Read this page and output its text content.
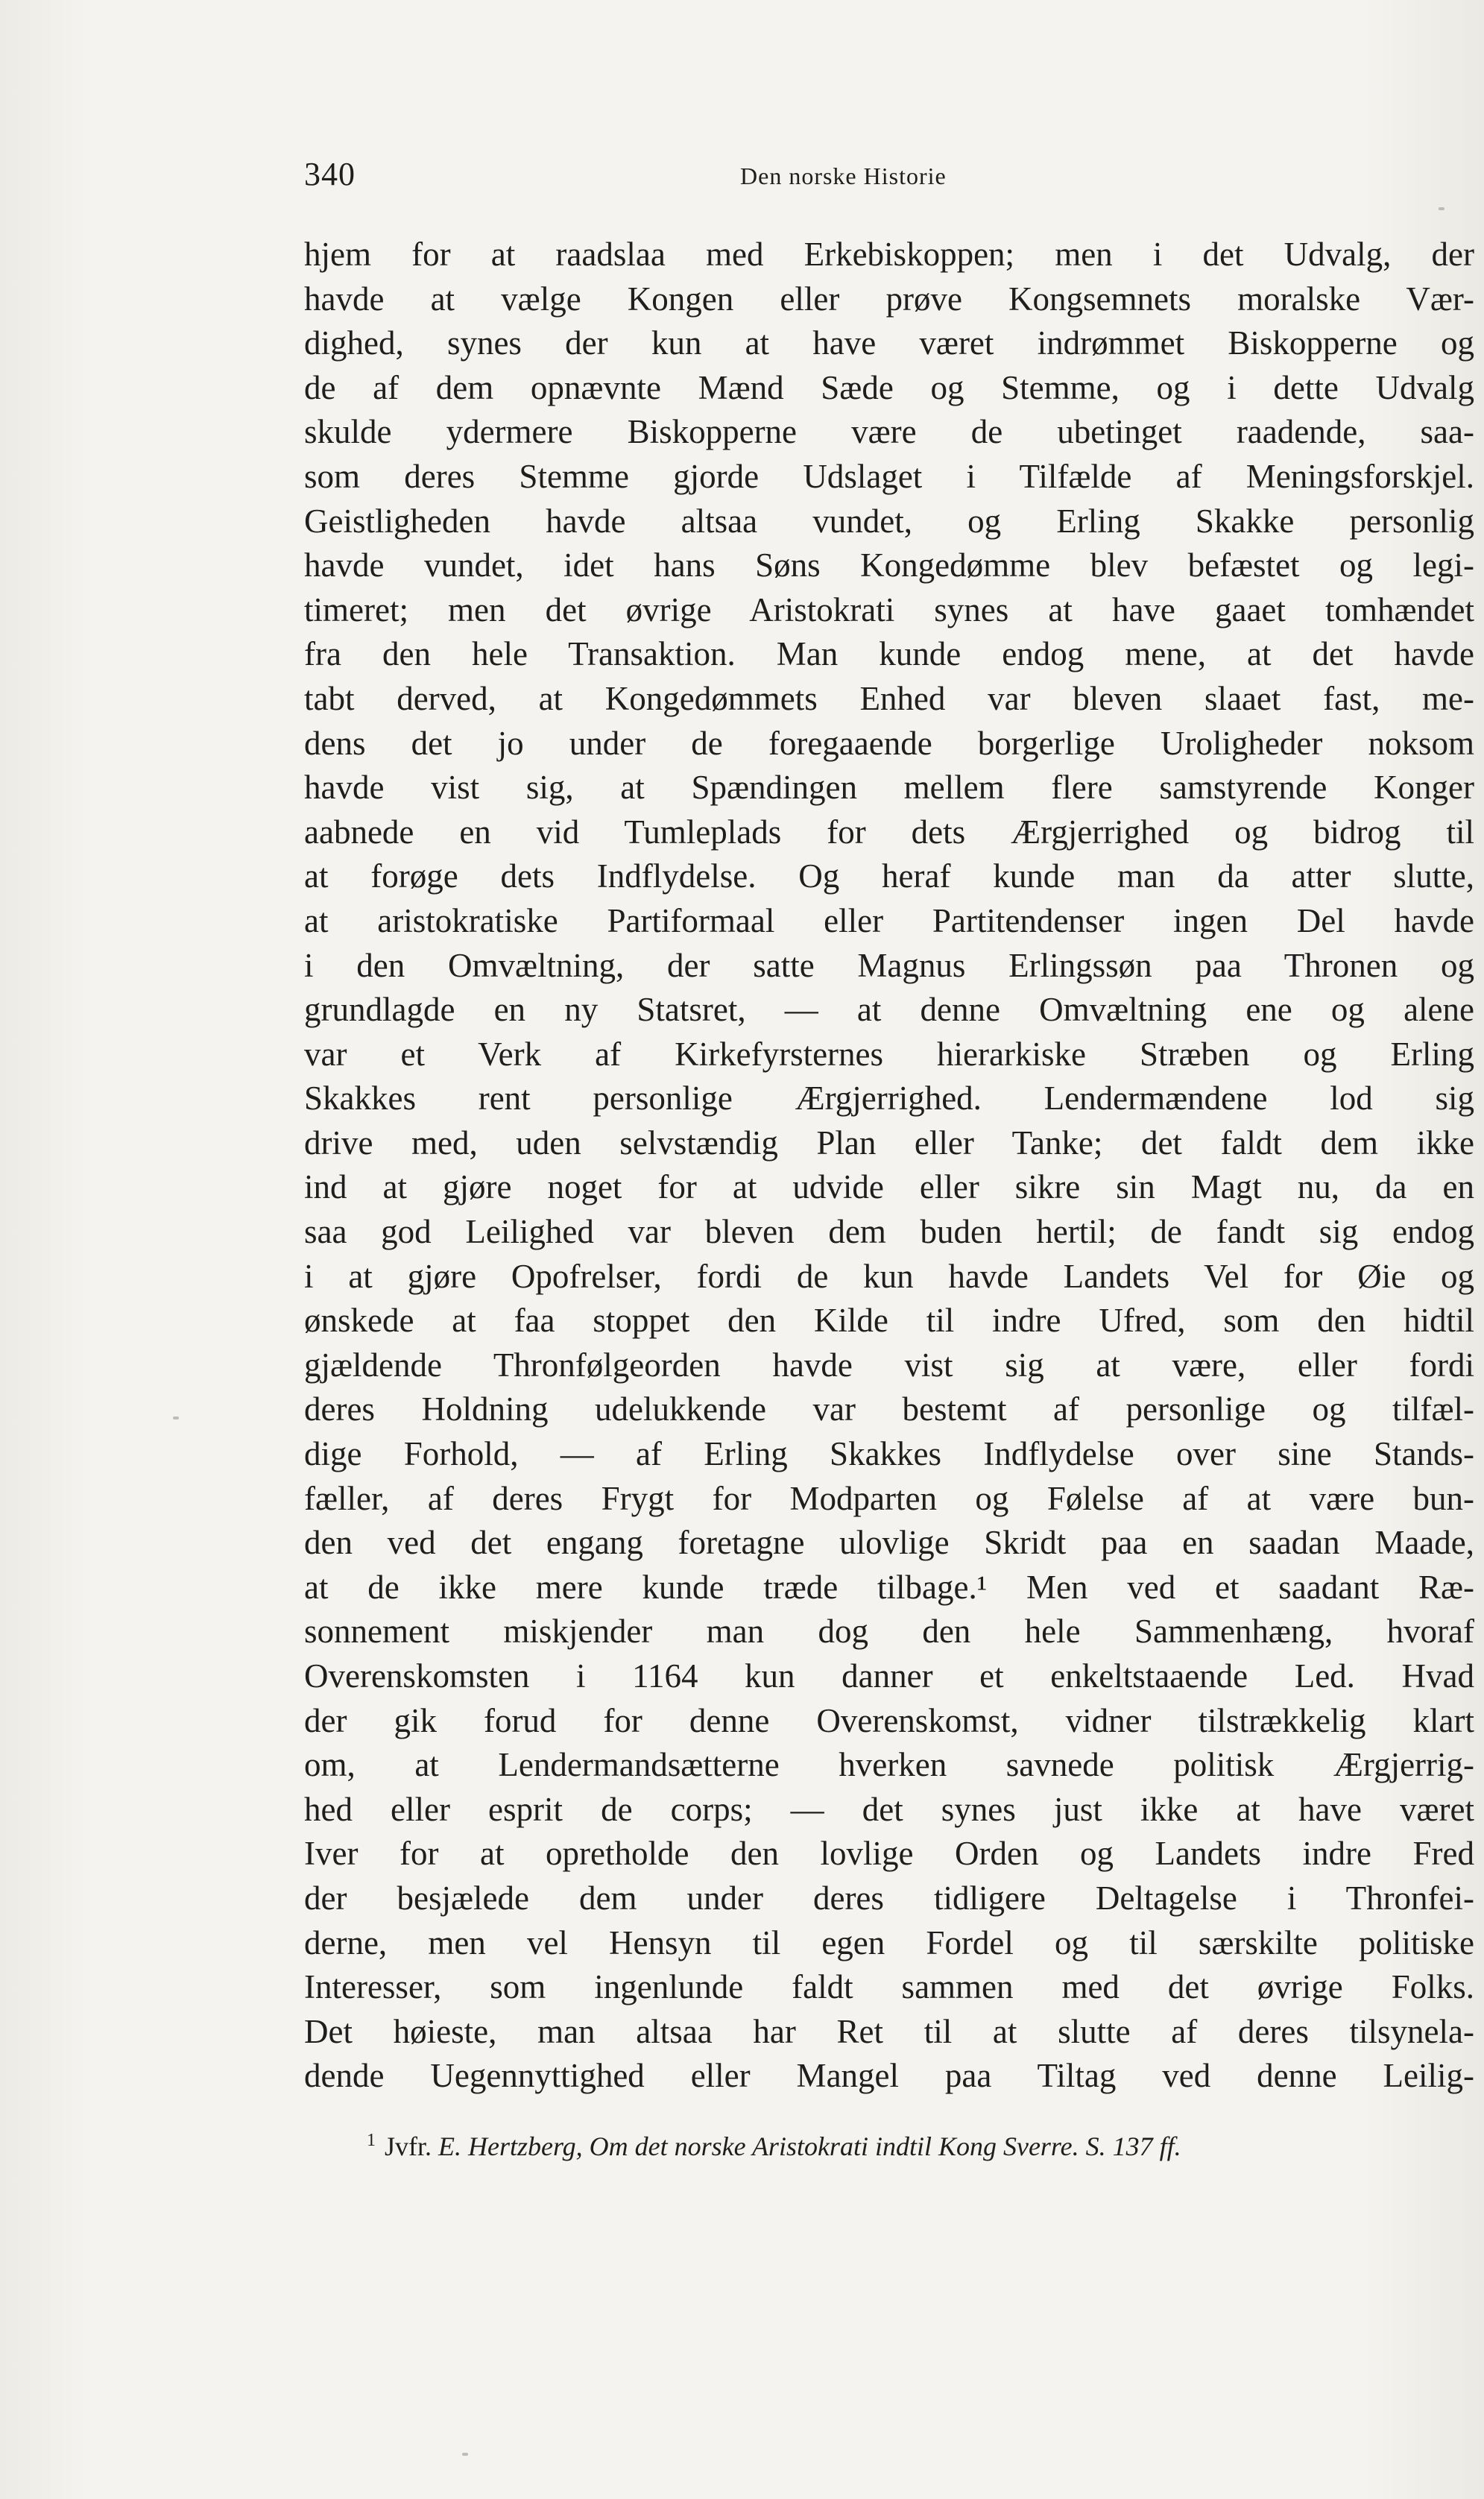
340	Den norske Historie
hjem for at raadslaa med Erkebiskoppen; men i det Udvalg, der
havde at vælge Kongen eller prøve Kongsemnets moralske Vær-
dighed, synes der kun at have været indrømmet Biskopperne og
de af dem opnævnte Mænd Sæde og Stemme, og i dette Udvalg
skulde ydermere Biskopperne være de ubetinget raadende, saa-
som deres Stemme gjorde Udslaget i Tilfælde af Meningsforskjel.
Geistligheden havde altsaa vundet, og Erling Skakke personlig
havde vundet, idet hans Søns Kongedømme blev befæstet og legi-
timeret; men det øvrige Aristokrati synes at have gaaet tomhændet
fra den hele Transaktion. Man kunde endog mene, at det havde
tabt derved, at Kongedømmets Enhed var bleven slaaet fast, me-
dens det jo under de foregaaende borgerlige Uroligheder noksom
havde vist sig, at Spændingen mellem flere samstyrende Konger
aabnede en vid Tumleplads for dets Ærgjerrighed og bidrog til
at forøge dets Indflydelse. Og heraf kunde man da atter slutte,
at aristokratiske Partiformaal eller Partitendenser ingen Del havde
i den Omvæltning, der satte Magnus Erlingssøn paa Thronen og
grundlagde en ny Statsret, — at denne Omvæltning ene og alene
var et Verk af Kirkefyrsternes hierarkiske Stræben og Erling
Skakkes rent personlige Ærgjerrighed. Lendermændene lod sig
drive med, uden selvstændig Plan eller Tanke; det faldt dem ikke
ind at gjøre noget for at udvide eller sikre sin Magt nu, da en
saa god Leilighed var bleven dem buden hertil; de fandt sig endog
i at gjøre Opofrelser, fordi de kun havde Landets Vel for Øie og
ønskede at faa stoppet den Kilde til indre Ufred, som den hidtil
gjældende Thronfølgeorden havde vist sig at være, eller fordi
deres Holdning udelukkende var bestemt af personlige og tilfæl-
dige Forhold, — af Erling Skakkes Indflydelse over sine Stands-
fæller, af deres Frygt for Modparten og Følelse af at være bun-
den ved det engang foretagne ulovlige Skridt paa en saadan Maade,
at de ikke mere kunde træde tilbage.¹ Men ved et saadant Ræ-
sonnement miskjender man dog den hele Sammenhæng, hvoraf
Overenskomsten i 1164 kun danner et enkeltstaaende Led. Hvad
der gik forud for denne Overenskomst, vidner tilstrækkelig klart
om, at Lendermandsætterne hverken savnede politisk Ærgjerrig-
hed eller esprit de corps; — det synes just ikke at have været
Iver for at opretholde den lovlige Orden og Landets indre Fred
der besjælede dem under deres tidligere Deltagelse i Thronfei-
derne, men vel Hensyn til egen Fordel og til særskilte politiske
Interesser, som ingenlunde faldt sammen med det øvrige Folks.
Det høieste, man altsaa har Ret til at slutte af deres tilsynela-
dende Uegennyttighed eller Mangel paa Tiltag ved denne Leilig-
$^1$ Jvfr. E. Hertzberg, Om det norske Aristokrati indtil Kong Sverre. S. 137 ff.
